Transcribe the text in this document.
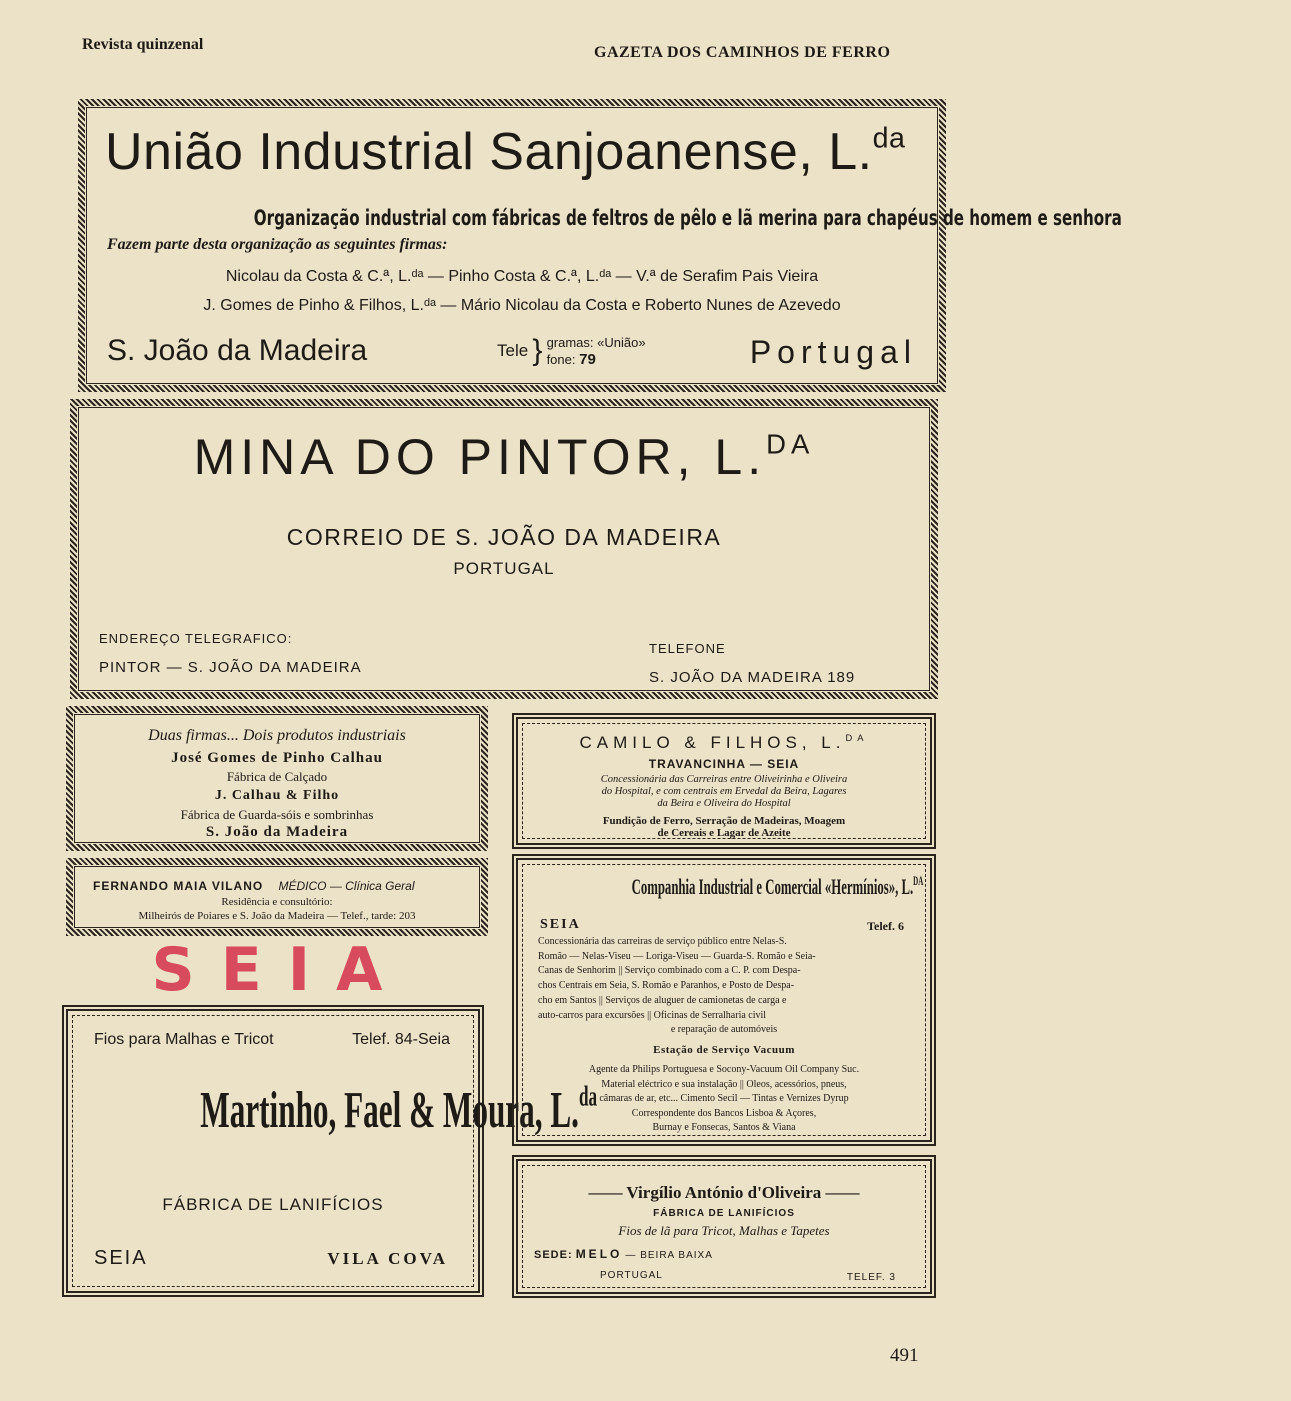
Revista quinzenal	GAZETA DOS CAMINHOS DE FERRO
União Industrial Sanjoanense, L.$^{da}$
Organização industrial com fábricas de feltros de pêlo e lã merina para chapéus de homem e senhora
Fazem parte desta organização as seguintes firmas:
Nicolau da Costa & C.ª, L.ᵈᵃ — Pinho Costa & C.ª, L.ᵈᵃ — V.ª de Serafim Pais Vieira
J. Gomes de Pinho & Filhos, L.ᵈᵃ — Mário Nicolau da Costa e Roberto Nunes de Azevedo
S. João da Madeira	Tele } gramas: «União»
fone: 79	Portugal
MINA DO PINTOR, L.$^{DA}$
CORREIO DE S. JOÃO DA MADEIRA
PORTUGAL
ENDEREÇO TELEGRAFICO:
PINTOR — S. JOÃO DA MADEIRA
TELEFONE
S. JOÃO DA MADEIRA 189
Duas firmas... Dois produtos industriais
José Gomes de Pinho Calhau
Fábrica de Calçado
J. Calhau & Filho
Fábrica de Guarda-sóis e sombrinhas
S. João da Madeira
FERNANDO MAIA VILANO MÉDICO — Clínica Geral
Residência e consultório:
Milheirós de Poiares e S. João da Madeira — Telef., tarde: 203
SEIA
Fios para Malhas e Tricot	Telef. 84-Seia
Martinho, Fael & Moura, L.$^{da}$
FÁBRICA DE LANIFÍCIOS
SEIA	VILA COVA
CAMILO & FILHOS, L.$^{DA}$
TRAVANCINHA — SEIA
Concessionária das Carreiras entre Oliveirinha e Oliveira
do Hospital, e com centrais em Ervedal da Beira, Lagares
da Beira e Oliveira do Hospital
Fundição de Ferro, Serração de Madeiras, Moagem
de Cereais e Lagar de Azeite
Companhia Industrial e Comercial «Hermínios», L.$^{DA}$
SEIA	Telef. 6
Concessionária das carreiras de serviço público entre Nelas-S.
Romão — Nelas-Viseu — Loriga-Viseu — Guarda-S. Romão e Seia-
Canas de Senhorim || Serviço combinado com a C. P. com Despa-
chos Centrais em Seia, S. Romão e Paranhos, e Posto de Despa-
cho em Santos || Serviços de aluguer de camionetas de carga e
auto-carros para excursões || Oficinas de Serralharia civil
e reparação de automóveis
Estação de Serviço Vacuum
Agente da Philips Portuguesa e Socony-Vacuum Oil Company Suc.
Material eléctrico e sua instalação || Oleos, acessórios, pneus,
câmaras de ar, etc... Cimento Secil — Tintas e Vernizes Dyrup
Correspondente dos Bancos Lisboa & Açores,
Burnay e Fonsecas, Santos & Viana
—— Virgílio António d'Oliveira ——
FÁBRICA DE LANIFÍCIOS
Fios de lã para Tricot, Malhas e Tapetes
SEDE: MELO — BEIRA BAIXA
PORTUGAL	TELEF. 3
491
